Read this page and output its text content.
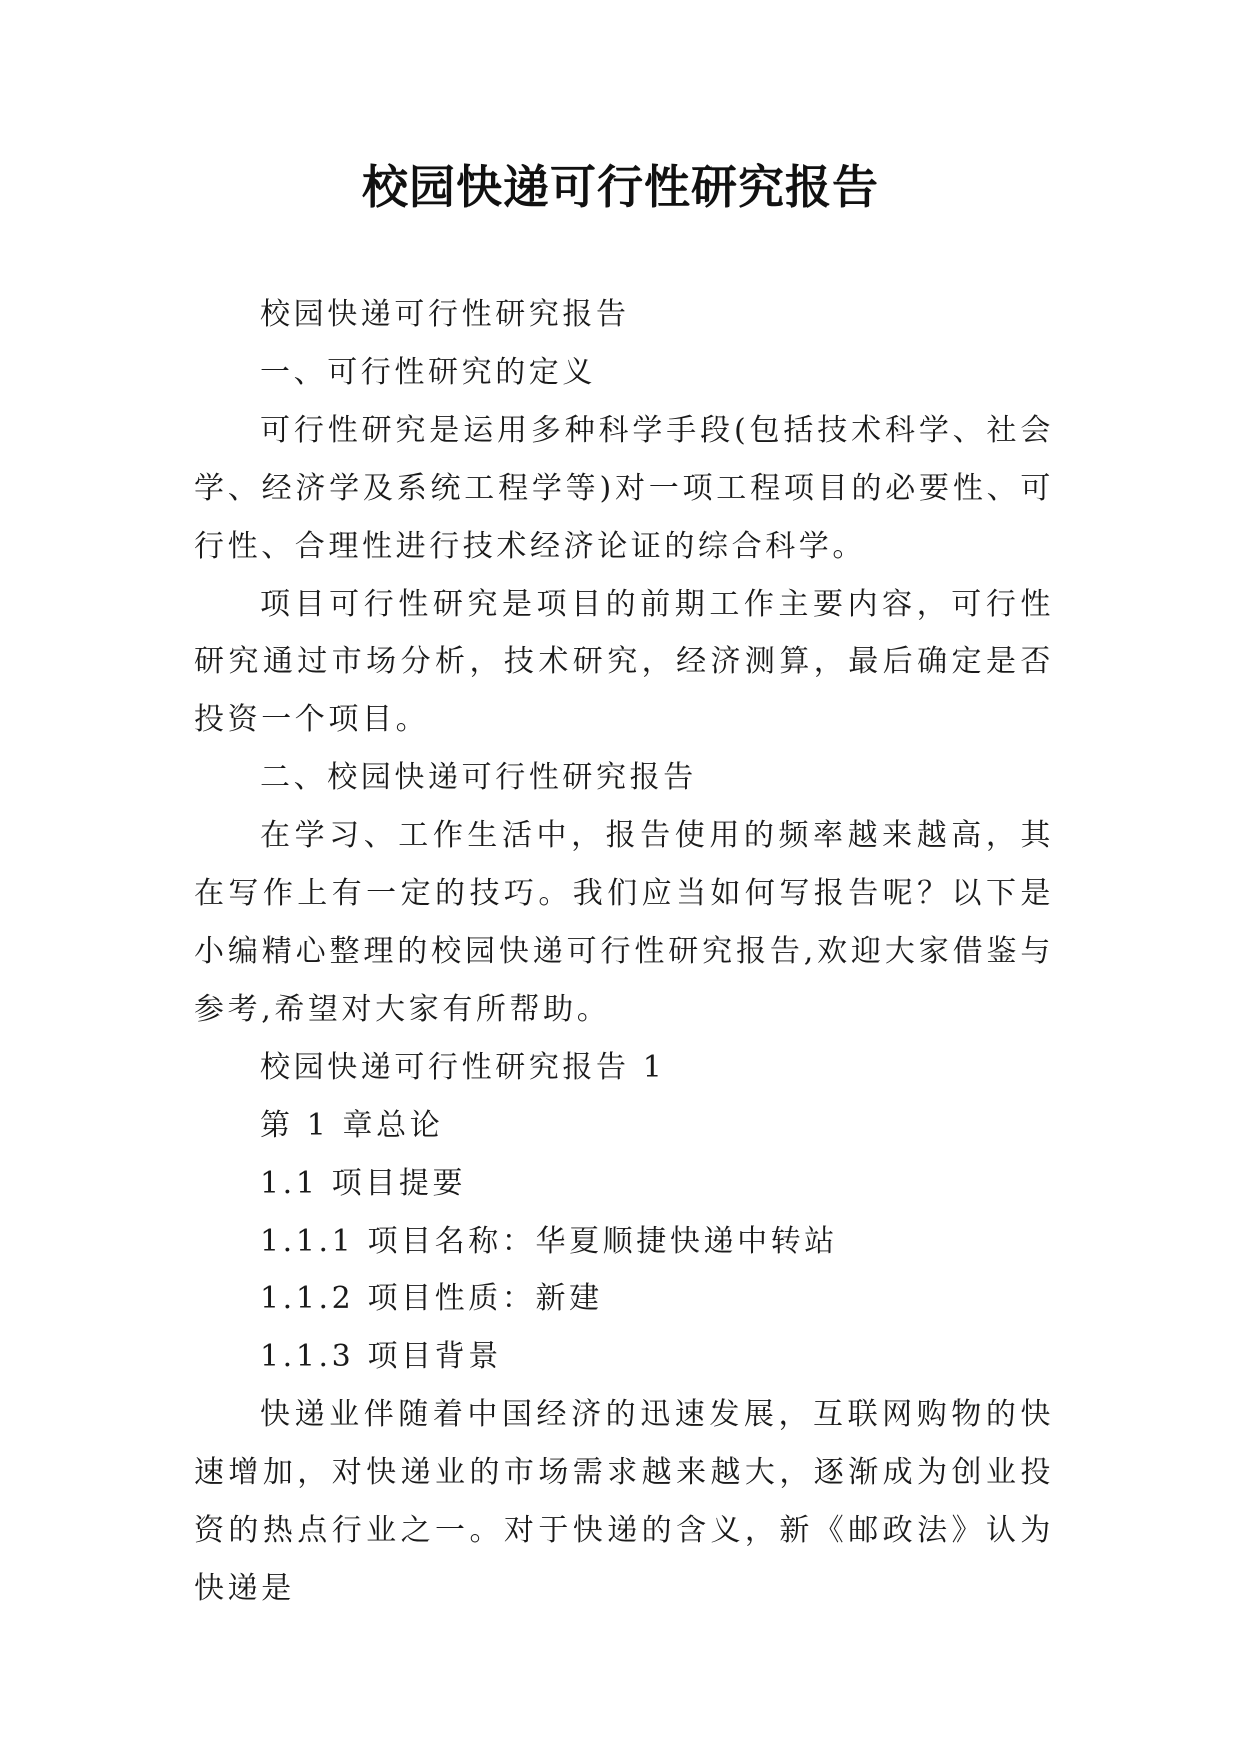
校园快递可行性研究报告

校园快递可行性研究报告

一、可行性研究的定义

可行性研究是运用多种科学手段(包括技术科学、社会学、经济学及系统工程学等)对一项工程项目的必要性、可行性、合理性进行技术经济论证的综合科学。

项目可行性研究是项目的前期工作主要内容，可行性研究通过市场分析，技术研究，经济测算，最后确定是否投资一个项目。

二、校园快递可行性研究报告

在学习、工作生活中，报告使用的频率越来越高，其在写作上有一定的技巧。我们应当如何写报告呢？以下是小编精心整理的校园快递可行性研究报告,欢迎大家借鉴与参考,希望对大家有所帮助。

校园快递可行性研究报告 1

第 1 章总论

1.1 项目提要

1.1.1 项目名称：华夏顺捷快递中转站

1.1.2 项目性质：新建

1.1.3 项目背景

快递业伴随着中国经济的迅速发展，互联网购物的快速增加，对快递业的市场需求越来越大，逐渐成为创业投资的热点行业之一。对于快递的含义，新《邮政法》认为快递是
